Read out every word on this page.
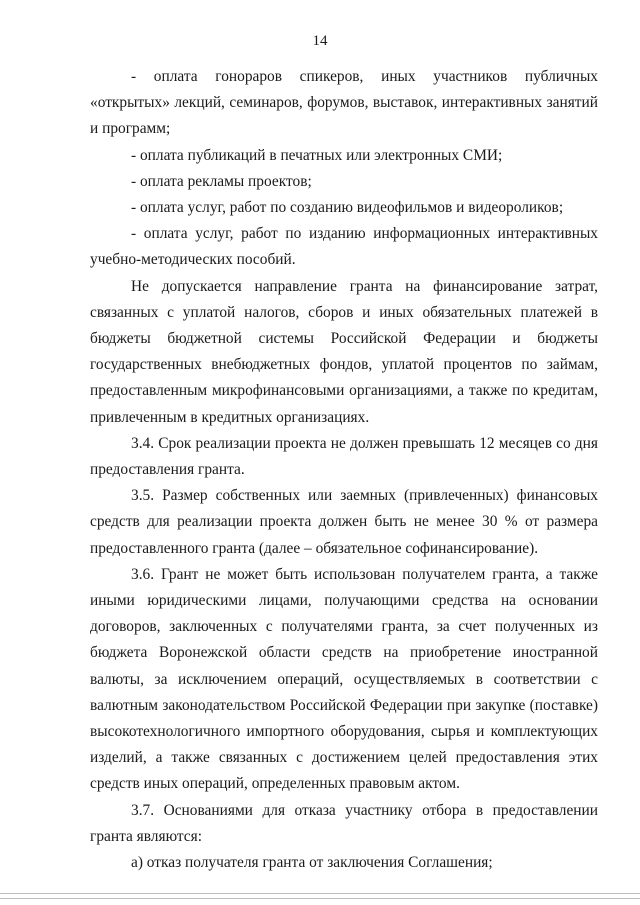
14

- оплата гонораров спикеров, иных участников публичных «открытых» лекций, семинаров, форумов, выставок, интерактивных занятий и программ;

- оплата публикаций в печатных или электронных СМИ;

- оплата рекламы проектов;

- оплата услуг, работ по созданию видеофильмов и видеороликов;

- оплата услуг, работ по изданию информационных интерактивных учебно-методических пособий.

Не допускается направление гранта на финансирование затрат, связанных с уплатой налогов, сборов и иных обязательных платежей в бюджеты бюджетной системы Российской Федерации и бюджеты государственных внебюджетных фондов, уплатой процентов по займам, предоставленным микрофинансовыми организациями, а также по кредитам, привлеченным в кредитных организациях.

3.4. Срок реализации проекта не должен превышать 12 месяцев со дня предоставления гранта.

3.5. Размер собственных или заемных (привлеченных) финансовых средств для реализации проекта должен быть не менее 30 % от размера предоставленного гранта (далее – обязательное софинансирование).

3.6. Грант не может быть использован получателем гранта, а также иными юридическими лицами, получающими средства на основании договоров, заключенных с получателями гранта, за счет полученных из бюджета Воронежской области средств на приобретение иностранной валюты, за исключением операций, осуществляемых в соответствии с валютным законодательством Российской Федерации при закупке (поставке) высокотехнологичного импортного оборудования, сырья и комплектующих изделий, а также связанных с достижением целей предоставления этих средств иных операций, определенных правовым актом.

3.7. Основаниями для отказа участнику отбора в предоставлении гранта являются:

а) отказ получателя гранта от заключения Соглашения;
